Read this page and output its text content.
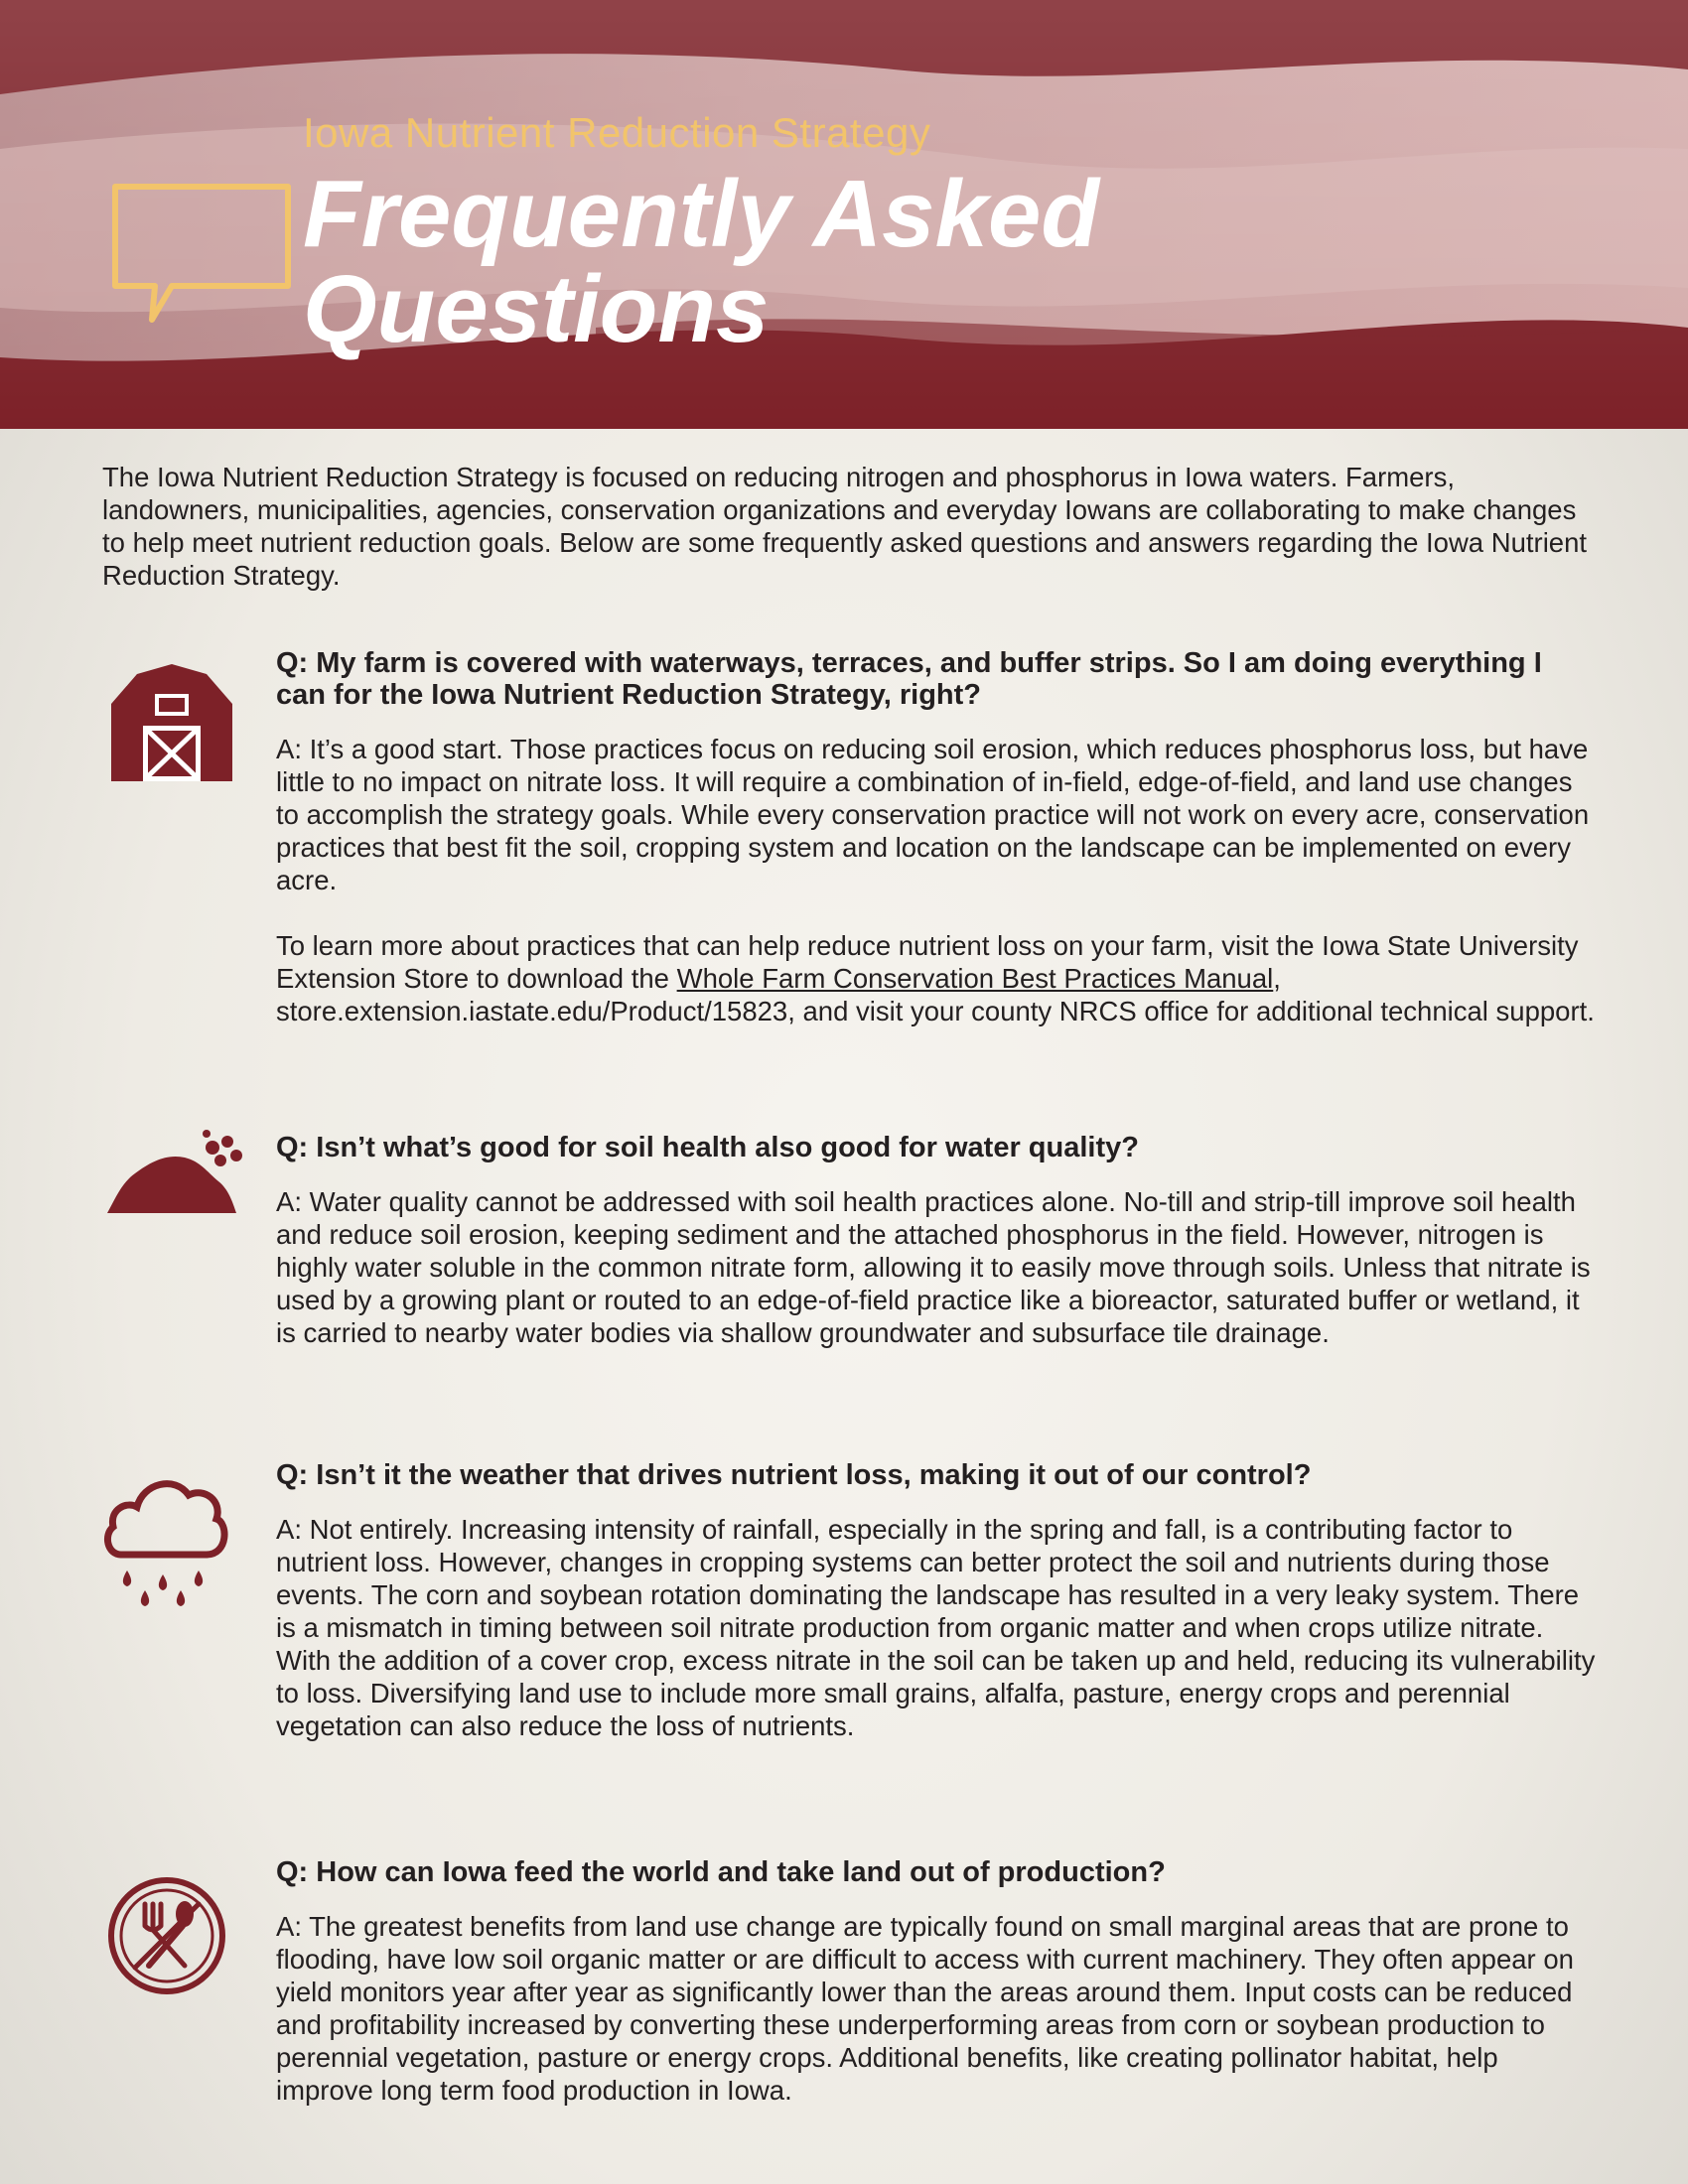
Iowa Nutrient Reduction Strategy
Frequently Asked
Questions

The Iowa Nutrient Reduction Strategy is focused on reducing nitrogen and phosphorus in Iowa waters. Farmers, landowners, municipalities, agencies, conservation organizations and everyday Iowans are collaborating to make changes to help meet nutrient reduction goals. Below are some frequently asked questions and answers regarding the Iowa Nutrient Reduction Strategy.

Q: My farm is covered with waterways, terraces, and buffer strips. So I am doing everything I can for the Iowa Nutrient Reduction Strategy, right?

A: It’s a good start. Those practices focus on reducing soil erosion, which reduces phosphorus loss, but have little to no impact on nitrate loss. It will require a combination of in-field, edge-of-field, and land use changes to accomplish the strategy goals. While every conservation practice will not work on every acre, conservation practices that best fit the soil, cropping system and location on the landscape can be implemented on every acre.

To learn more about practices that can help reduce nutrient loss on your farm, visit the Iowa State University Extension Store to download the Whole Farm Conservation Best Practices Manual, store.extension.iastate.edu/Product/15823, and visit your county NRCS office for additional technical support.

Q: Isn’t what’s good for soil health also good for water quality?

A: Water quality cannot be addressed with soil health practices alone. No-till and strip-till improve soil health and reduce soil erosion, keeping sediment and the attached phosphorus in the field. However, nitrogen is highly water soluble in the common nitrate form, allowing it to easily move through soils. Unless that nitrate is used by a growing plant or routed to an edge-of-field practice like a bioreactor, saturated buffer or wetland, it is carried to nearby water bodies via shallow groundwater and subsurface tile drainage.

Q: Isn’t it the weather that drives nutrient loss, making it out of our control?

A: Not entirely. Increasing intensity of rainfall, especially in the spring and fall, is a contributing factor to nutrient loss. However, changes in cropping systems can better protect the soil and nutrients during those events. The corn and soybean rotation dominating the landscape has resulted in a very leaky system. There is a mismatch in timing between soil nitrate production from organic matter and when crops utilize nitrate. With the addition of a cover crop, excess nitrate in the soil can be taken up and held, reducing its vulnerability to loss. Diversifying land use to include more small grains, alfalfa, pasture, energy crops and perennial vegetation can also reduce the loss of nutrients.

Q: How can Iowa feed the world and take land out of production?

A: The greatest benefits from land use change are typically found on small marginal areas that are prone to flooding, have low soil organic matter or are difficult to access with current machinery. They often appear on yield monitors year after year as significantly lower than the areas around them. Input costs can be reduced and profitability increased by converting these underperforming areas from corn or soybean production to perennial vegetation, pasture or energy crops. Additional benefits, like creating pollinator habitat, help improve long term food production in Iowa.
